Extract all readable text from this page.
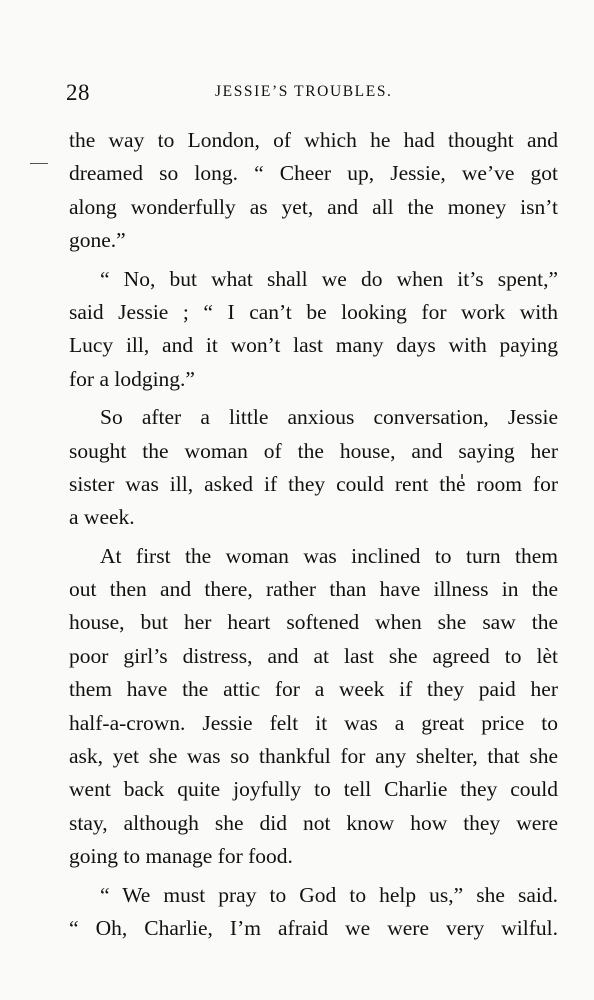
28	JESSIE’S TROUBLES.
the way to London, of which he had thought and
dreamed so long. “ Cheer up, Jessie, we’ve got
along wonderfully as yet, and all the money isn’t
gone.”
“ No, but what shall we do when it’s spent,”
said Jessie ; “ I can’t be looking for work with
Lucy ill, and it won’t last many days with paying
for a lodging.”
So after a little anxious conversation, Jessie
sought the woman of the house, and saying her
sister was ill, asked if they could rent the room for
a week.
At first the woman was inclined to turn them
out then and there, rather than have illness in the
house, but her heart softened when she saw the
poor girl’s distress, and at last she agreed to lèt
them have the attic for a week if they paid her
half-a-crown. Jessie felt it was a great price to
ask, yet she was so thankful for any shelter, that she
went back quite joyfully to tell Charlie they could
stay, although she did not know how they were
going to manage for food.
“ We must pray to God to help us,” she said.
“ Oh, Charlie, I’m afraid we were very wilful.
